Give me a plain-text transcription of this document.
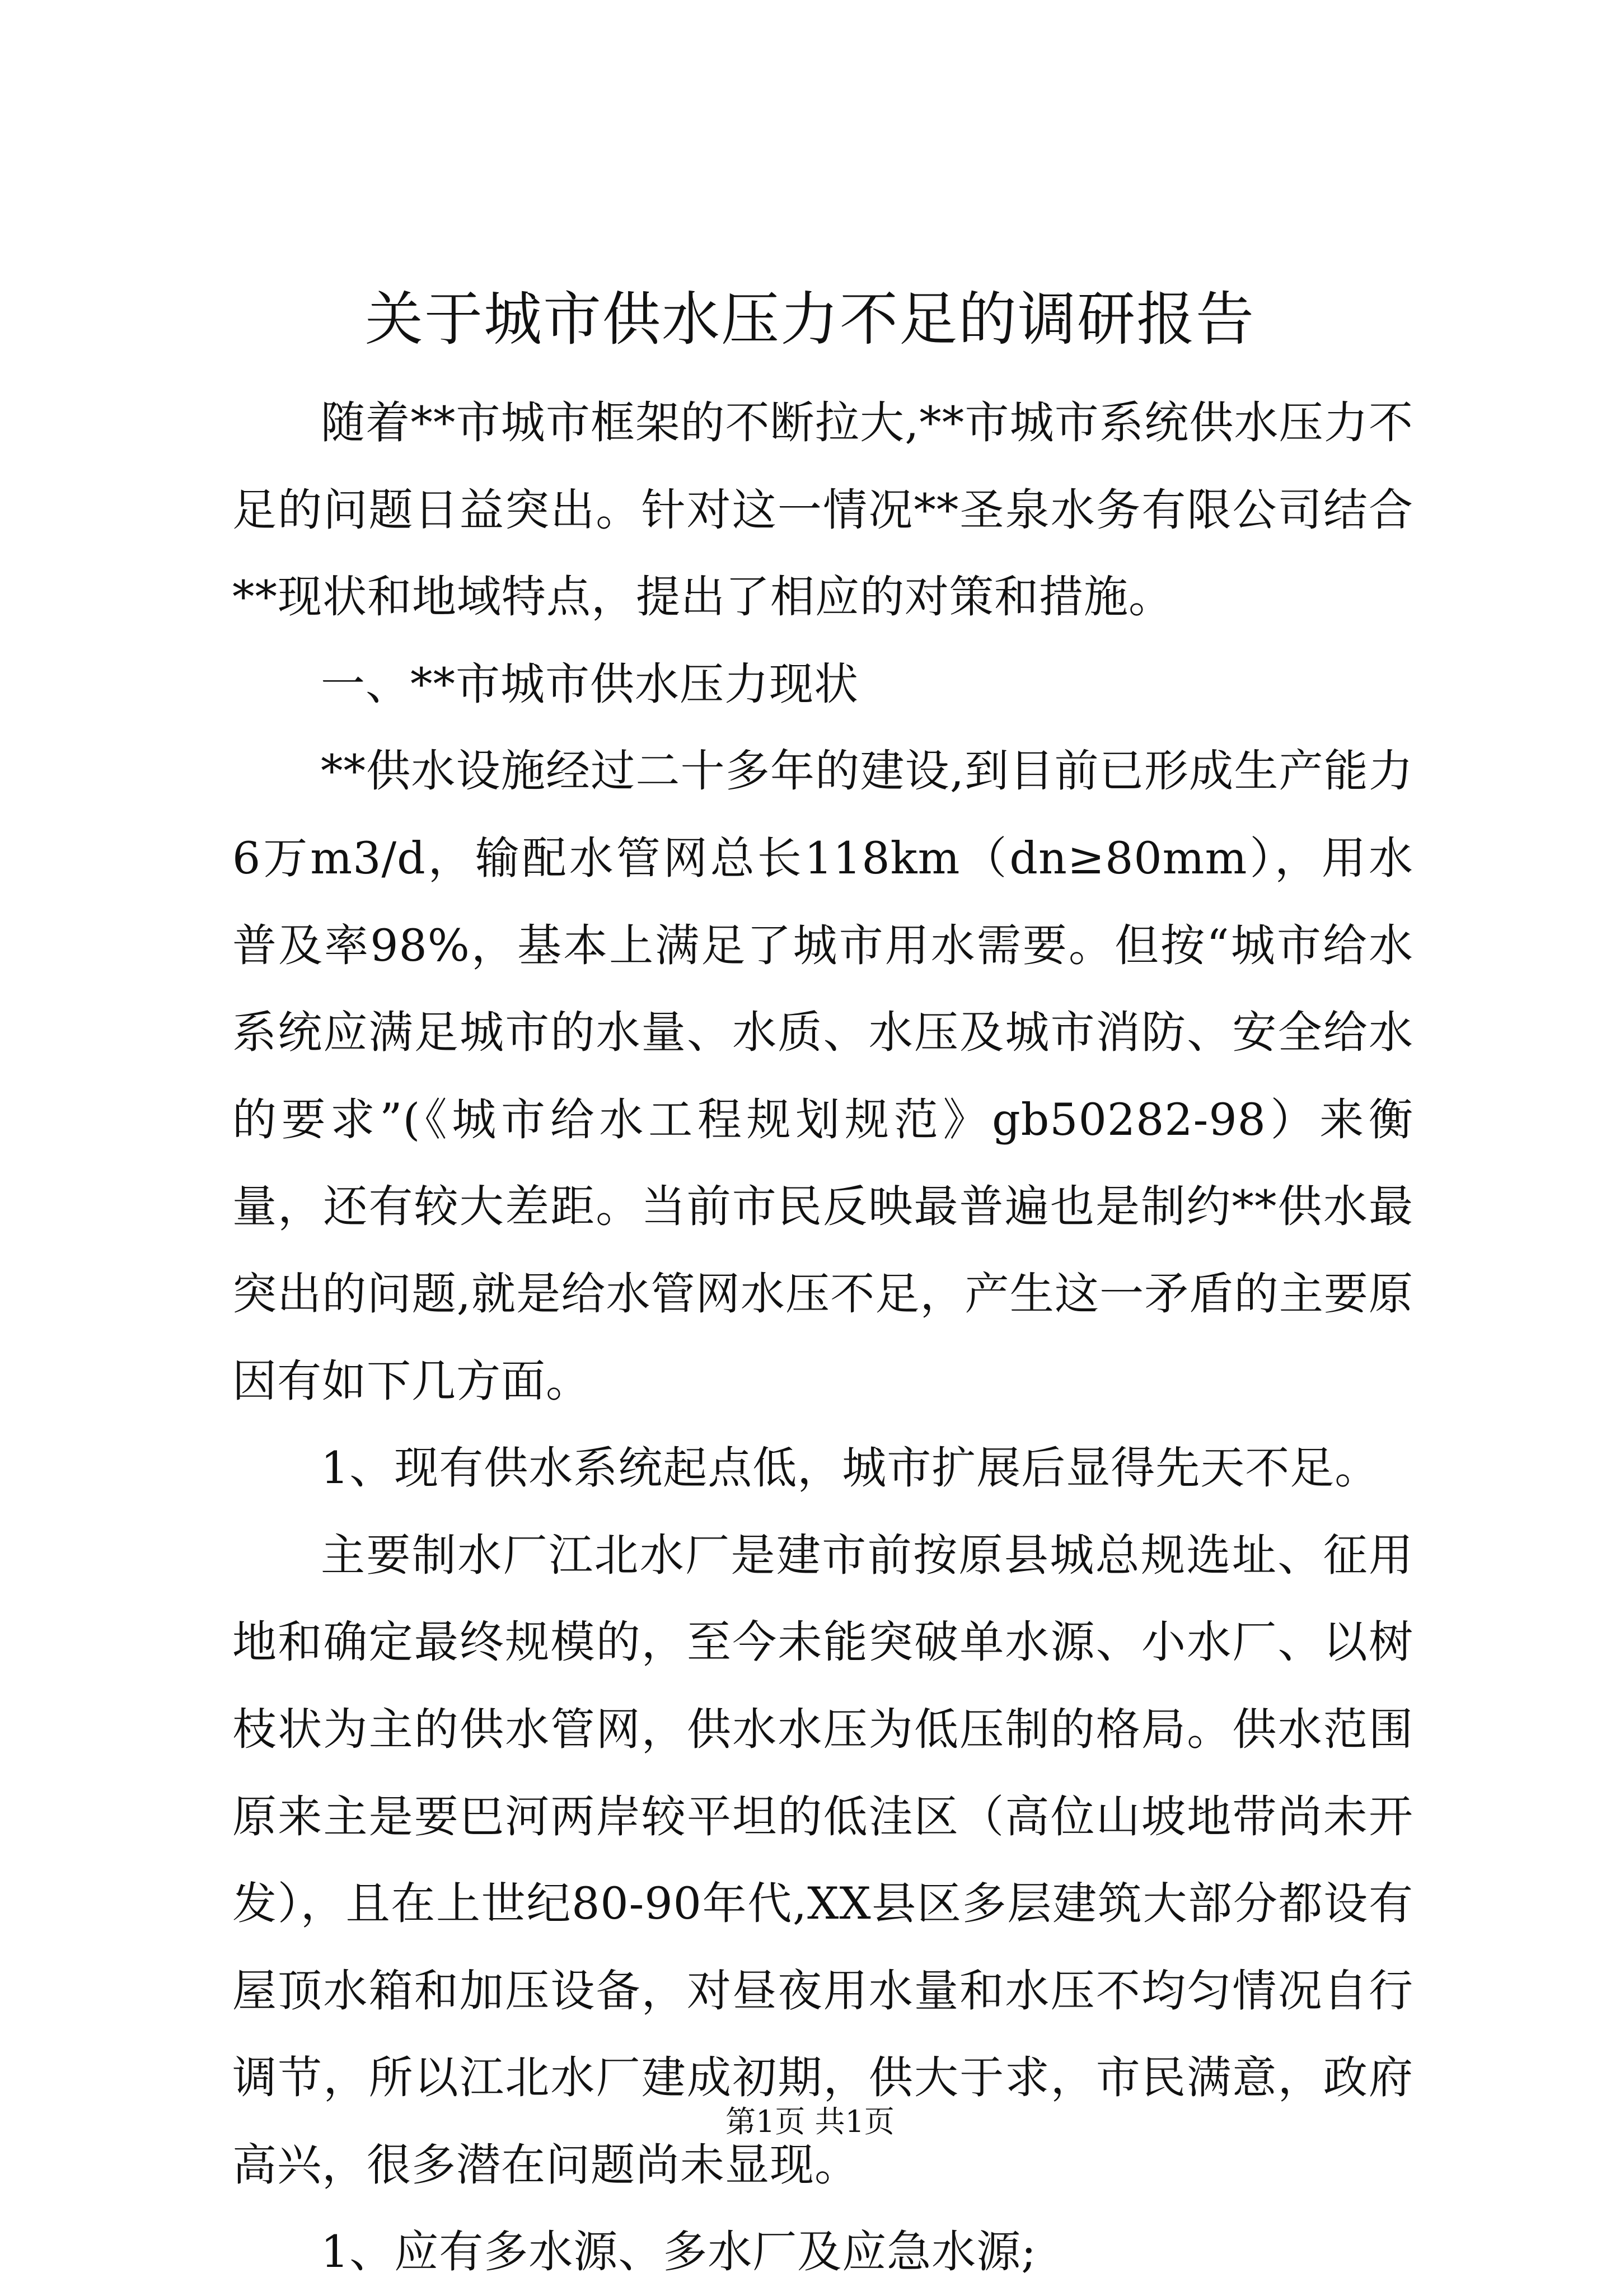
关于城市供水压力不足的调研报告

随着**市城市框架的不断拉大,**市城市系统供水压力不足的问题日益突出。针对这一情况**圣泉水务有限公司结合**现状和地域特点，提出了相应的对策和措施。

一、**市城市供水压力现状

**供水设施经过二十多年的建设,到目前已形成生产能力6万m3/d，输配水管网总长118km（dn≥80mm），用水普及率98%，基本上满足了城市用水需要。但按“城市给水系统应满足城市的水量、水质、水压及城市消防、安全给水的要求”(《城市给水工程规划规范》gb50282-98）来衡量，还有较大差距。当前市民反映最普遍也是制约**供水最突出的问题,就是给水管网水压不足，产生这一矛盾的主要原因有如下几方面。

1、现有供水系统起点低，城市扩展后显得先天不足。

主要制水厂江北水厂是建市前按原县城总规选址、征用地和确定最终规模的，至今未能突破单水源、小水厂、以树枝状为主的供水管网，供水水压为低压制的格局。供水范围原来主是要巴河两岸较平坦的低洼区（高位山坡地带尚未开发），且在上世纪80-90年代,XX县区多层建筑大部分都设有屋顶水箱和加压设备，对昼夜用水量和水压不均匀情况自行调节，所以江北水厂建成初期，供大于求，市民满意，政府高兴，很多潜在问题尚未显现。

1、应有多水源、多水厂及应急水源;

第1页 共1页
